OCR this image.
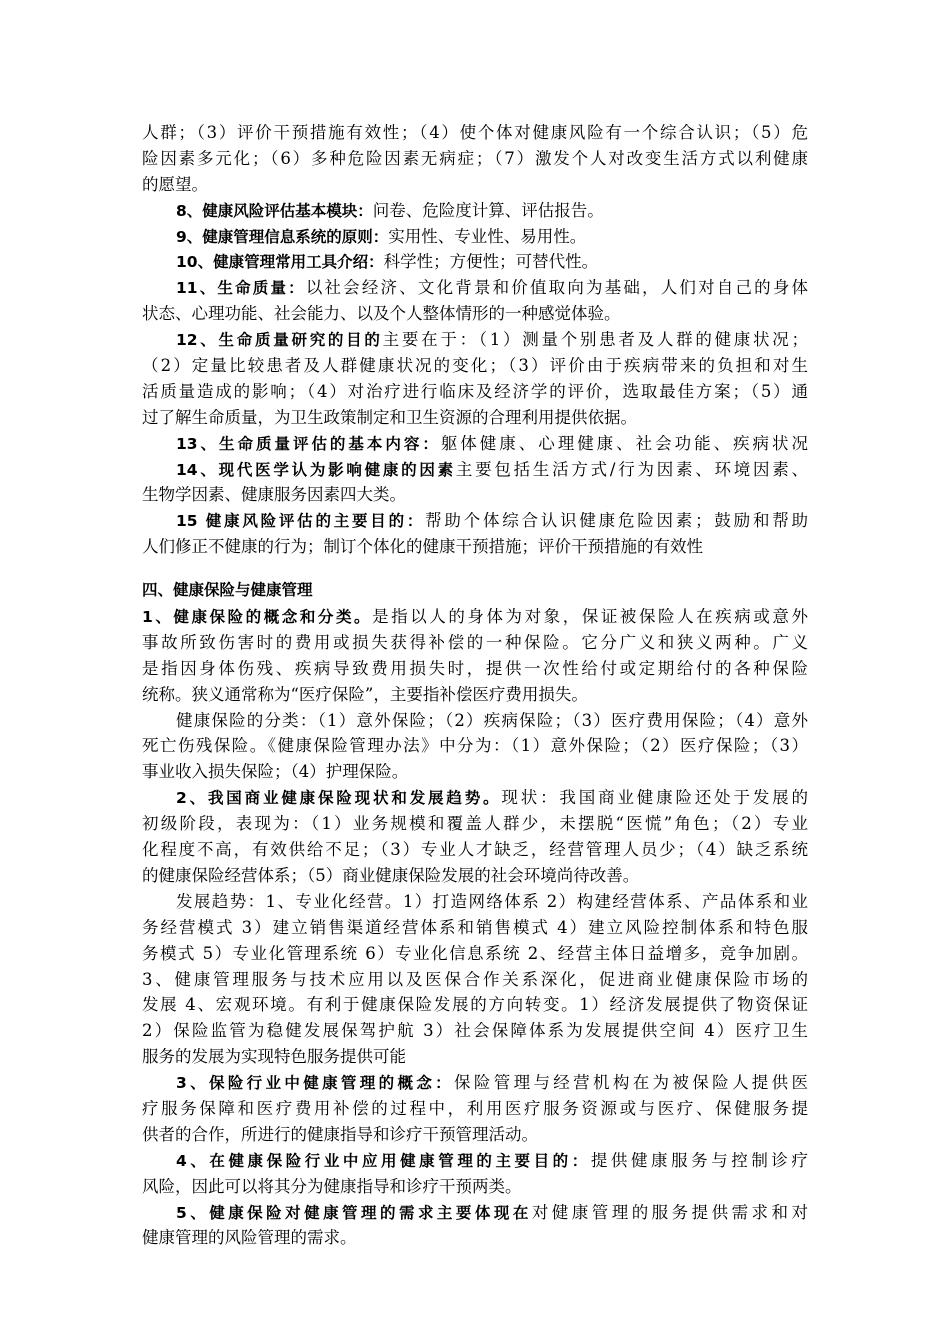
人群；（3）评价干预措施有效性；（4）使个体对健康风险有一个综合认识；（5）危
险因素多元化；（6）多种危险因素无病症；（7）激发个人对改变生活方式以利健康
的愿望。
8、健康风险评估基本模块：问卷、危险度计算、评估报告。
9、健康管理信息系统的原则：实用性、专业性、易用性。
10、健康管理常用工具介绍：科学性；方便性；可替代性。
11、生命质量：以社会经济、文化背景和价值取向为基础，人们对自己的身体
状态、心理功能、社会能力、以及个人整体情形的一种感觉体验。
12、生命质量研究的目的主要在于：（1）测量个别患者及人群的健康状况；
（2）定量比较患者及人群健康状况的变化；（3）评价由于疾病带来的负担和对生
活质量造成的影响；（4）对治疗进行临床及经济学的评价，选取最佳方案；（5）通
过了解生命质量，为卫生政策制定和卫生资源的合理利用提供依据。
13、生命质量评估的基本内容：躯体健康、心理健康、社会功能、疾病状况
14、现代医学认为影响健康的因素主要包括生活方式/行为因素、环境因素、
生物学因素、健康服务因素四大类。
15 健康风险评估的主要目的：帮助个体综合认识健康危险因素；鼓励和帮助
人们修正不健康的行为；制订个体化的健康干预措施；评价干预措施的有效性
四、健康保险与健康管理
1、健康保险的概念和分类。是指以人的身体为对象，保证被保险人在疾病或意外
事故所致伤害时的费用或损失获得补偿的一种保险。它分广义和狭义两种。广义
是指因身体伤残、疾病导致费用损失时，提供一次性给付或定期给付的各种保险
统称。狭义通常称为“医疗保险”，主要指补偿医疗费用损失。
健康保险的分类：（1）意外保险；（2）疾病保险；（3）医疗费用保险；（4）意外
死亡伤残保险。《健康保险管理办法》中分为：（1）意外保险；（2）医疗保险；（3）
事业收入损失保险；（4）护理保险。
2、我国商业健康保险现状和发展趋势。现状：我国商业健康险还处于发展的
初级阶段，表现为：（1）业务规模和覆盖人群少，未摆脱“医慌”角色；（2）专业
化程度不高，有效供给不足；（3）专业人才缺乏，经营管理人员少；（4）缺乏系统
的健康保险经营体系；（5）商业健康保险发展的社会环境尚待改善。
发展趋势：1、专业化经营。1）打造网络体系 2）构建经营体系、产品体系和业
务经营模式 3）建立销售渠道经营体系和销售模式 4）建立风险控制体系和特色服
务模式 5）专业化管理系统 6）专业化信息系统 2、经营主体日益增多，竞争加剧。
3、健康管理服务与技术应用以及医保合作关系深化，促进商业健康保险市场的
发展 4、宏观环境。有利于健康保险发展的方向转变。1）经济发展提供了物资保证
2）保险监管为稳健发展保驾护航 3）社会保障体系为发展提供空间 4）医疗卫生
服务的发展为实现特色服务提供可能
3、保险行业中健康管理的概念：保险管理与经营机构在为被保险人提供医
疗服务保障和医疗费用补偿的过程中，利用医疗服务资源或与医疗、保健服务提
供者的合作，所进行的健康指导和诊疗干预管理活动。
4、在健康保险行业中应用健康管理的主要目的：提供健康服务与控制诊疗
风险，因此可以将其分为健康指导和诊疗干预两类。
5、健康保险对健康管理的需求主要体现在对健康管理的服务提供需求和对
健康管理的风险管理的需求。
